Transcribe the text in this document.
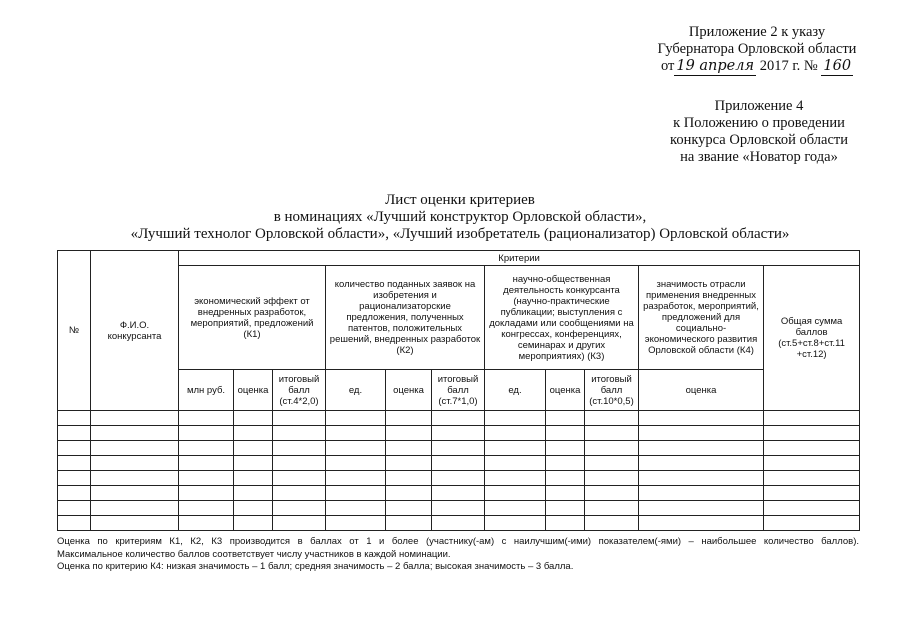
Приложение 2 к указу
Губернатора Орловской области
от 19 апреля 2017 г. № 160
Приложение 4
к Положению о проведении
конкурса Орловской области
на звание «Новатор года»
Лист оценки критериев
в номинациях «Лучший конструктор Орловской области»,
«Лучший технолог Орловской области», «Лучший изобретатель (рационализатор) Орловской области»
№	Ф.И.О. конкурсанта	Критерии										
		экономический эффект от внедренных разработок, мероприятий, предложений (К1)			количество поданных заявок на изобретения и рационализаторские предложения, полученных патентов, положительных решений, внедренных разработок (К2)			научно-общественная деятельность конкурсанта (научно-практические публикации; выступления с докладами или сообщениями на конгрессах, конференциях, семинарах и других мероприятиях) (К3)			значимость отрасли применения внедренных разработок, мероприятий, предложений для социально-экономического развития Орловской области (К4)	Общая сумма баллов (ст.5+ст.8+ст.11 +ст.12)
		млн руб.	оценка	итоговый балл (ст.4*2,0)	ед.	оценка	итоговый балл (ст.7*1,0)	ед.	оценка	итоговый балл (ст.10*0,5)	оценка	

Оценка по критериям К1, К2, К3 производится в баллах от 1 и более (участнику(-ам) с наилучшим(-ими) показателем(-ями) – наибольшее количество баллов).

Максимальное количество баллов соответствует числу участников в каждой номинации.

Оценка по критерию К4: низкая значимость – 1 балл; средняя значимость – 2 балла; высокая значимость – 3 балла.
